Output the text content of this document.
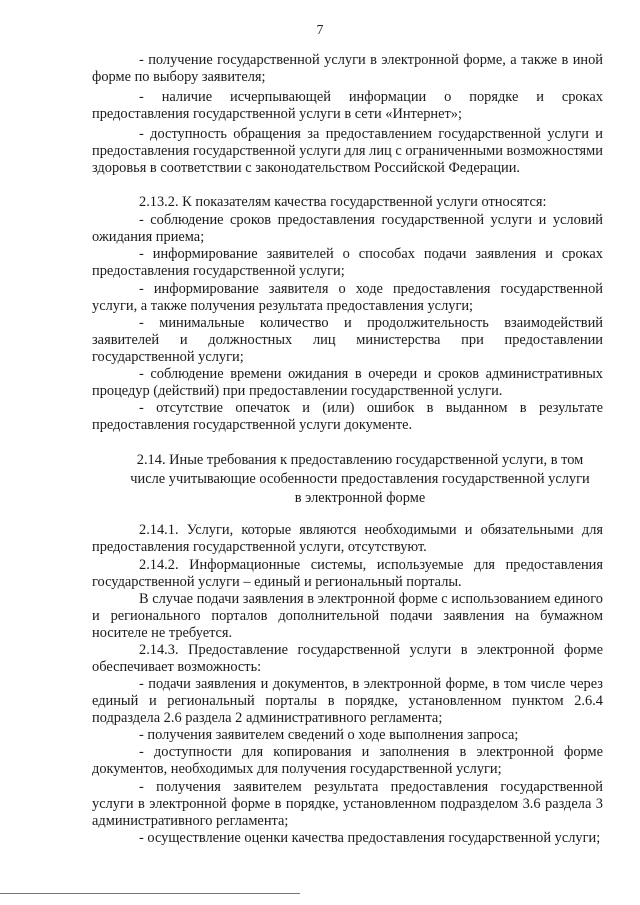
7
- получение государственной услуги в электронной форме, а также в иной форме по выбору заявителя;
- наличие исчерпывающей информации о порядке и сроках предоставления государственной услуги в сети «Интернет»;
- доступность обращения за предоставлением государственной услуги и предоставления государственной услуги для лиц с ограниченными возможностями здоровья в соответствии с законодательством Российской Федерации.
2.13.2. К показателям качества государственной услуги относятся:
- соблюдение сроков предоставления государственной услуги и условий ожидания приема;
- информирование заявителей о способах подачи заявления и сроках предоставления государственной услуги;
- информирование заявителя о ходе предоставления государственной услуги, а также получения результата предоставления услуги;
- минимальные количество и продолжительность взаимодействий заявителей и должностных лиц министерства при предоставлении государственной услуги;
- соблюдение времени ожидания в очереди и сроков административных процедур (действий) при предоставлении государственной услуги.
- отсутствие опечаток и (или) ошибок в выданном в результате предоставления государственной услуги документе.
2.14. Иные требования к предоставлению государственной услуги, в том числе учитывающие особенности предоставления государственной услуги в электронной форме
2.14.1. Услуги, которые являются необходимыми и обязательными для предоставления государственной услуги, отсутствуют.
2.14.2. Информационные системы, используемые для предоставления государственной услуги – единый и региональный порталы.
В случае подачи заявления в электронной форме с использованием единого и регионального порталов дополнительной подачи заявления на бумажном носителе не требуется.
2.14.3. Предоставление государственной услуги в электронной форме обеспечивает возможность:
- подачи заявления и документов, в электронной форме, в том числе через единый и региональный порталы в порядке, установленном пунктом 2.6.4 подраздела 2.6 раздела 2 административного регламента;
- получения заявителем сведений о ходе выполнения запроса;
- доступности для копирования и заполнения в электронной форме документов, необходимых для получения государственной услуги;
- получения заявителем результата предоставления государственной услуги в электронной форме в порядке, установленном подразделом 3.6 раздела 3 административного регламента;
- осуществление оценки качества предоставления государственной услуги;
